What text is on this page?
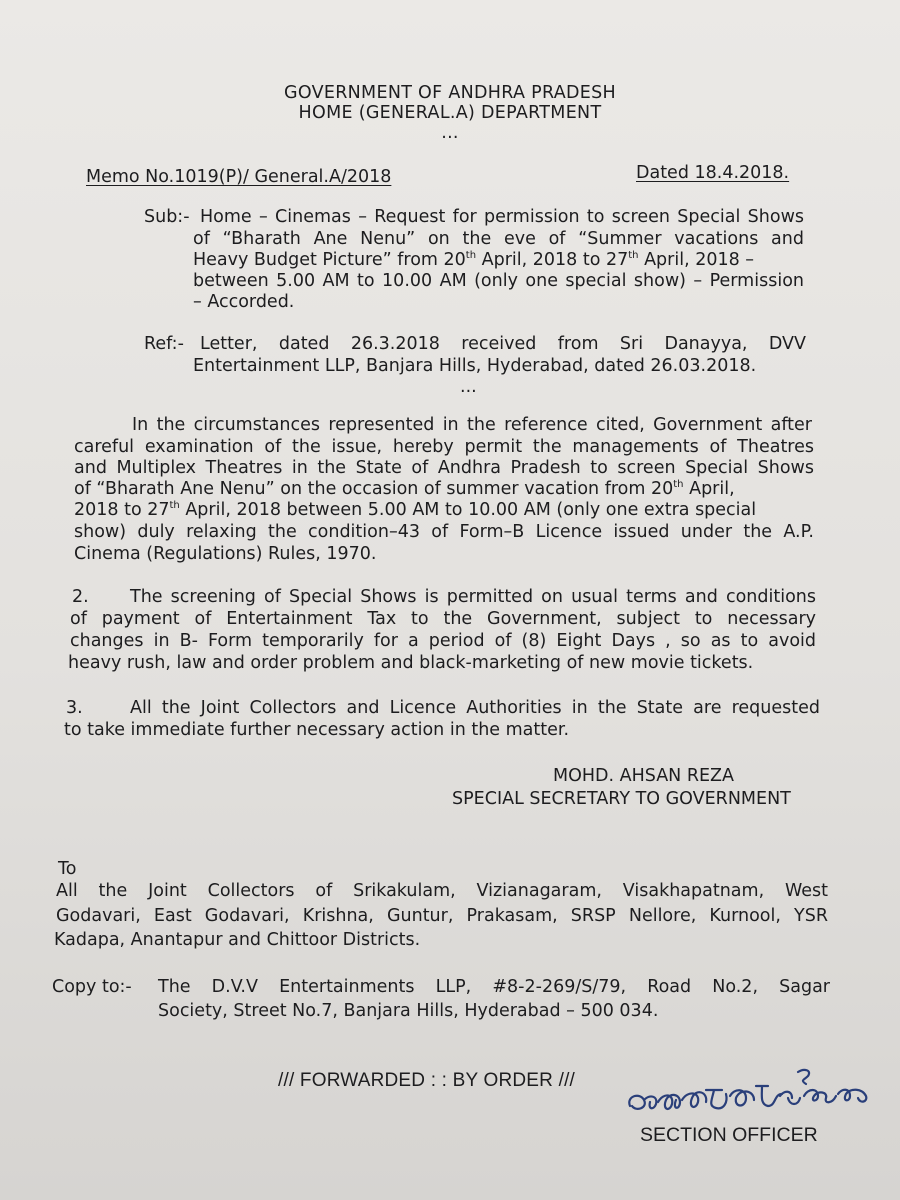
GOVERNMENT OF ANDHRA PRADESH
HOME (GENERAL.A) DEPARTMENT
...
Memo No.1019(P)/ General.A/2018	Dated 18.4.2018.
Sub:- Home – Cinemas – Request for permission to screen Special Shows
of “Bharath Ane Nenu” on the eve of “Summer vacations and
Heavy Budget Picture” from 20th April, 2018 to 27th April, 2018 –
between 5.00 AM to 10.00 AM (only one special show) – Permission
– Accorded.
Ref:- Letter, dated 26.3.2018 received from Sri Danayya, DVV
Entertainment LLP, Banjara Hills, Hyderabad, dated 26.03.2018.
...
In the circumstances represented in the reference cited, Government after
careful examination of the issue, hereby permit the managements of Theatres
and Multiplex Theatres in the State of Andhra Pradesh to screen Special Shows
of “Bharath Ane Nenu” on the occasion of summer vacation from 20th April,
2018 to 27th April, 2018 between 5.00 AM to 10.00 AM (only one extra special
show) duly relaxing the condition–43 of Form–B Licence issued under the A.P.
Cinema (Regulations) Rules, 1970.
2. The screening of Special Shows is permitted on usual terms and conditions
of payment of Entertainment Tax to the Government, subject to necessary
changes in B- Form temporarily for a period of (8) Eight Days , so as to avoid
heavy rush, law and order problem and black-marketing of new movie tickets.
3.	All the Joint Collectors and Licence Authorities in the State are requested
to take immediate further necessary action in the matter.
MOHD. AHSAN REZA
SPECIAL SECRETARY TO GOVERNMENT
To
All the Joint Collectors of Srikakulam, Vizianagaram, Visakhapatnam, West
Godavari, East Godavari, Krishna, Guntur, Prakasam, SRSP Nellore, Kurnool, YSR
Kadapa, Anantapur and Chittoor Districts.
Copy to:- The D.V.V Entertainments LLP, #8-2-269/S/79, Road No.2, Sagar
Society, Street No.7, Banjara Hills, Hyderabad – 500 034.
/// FORWARDED : : BY ORDER ///
SECTION OFFICER
